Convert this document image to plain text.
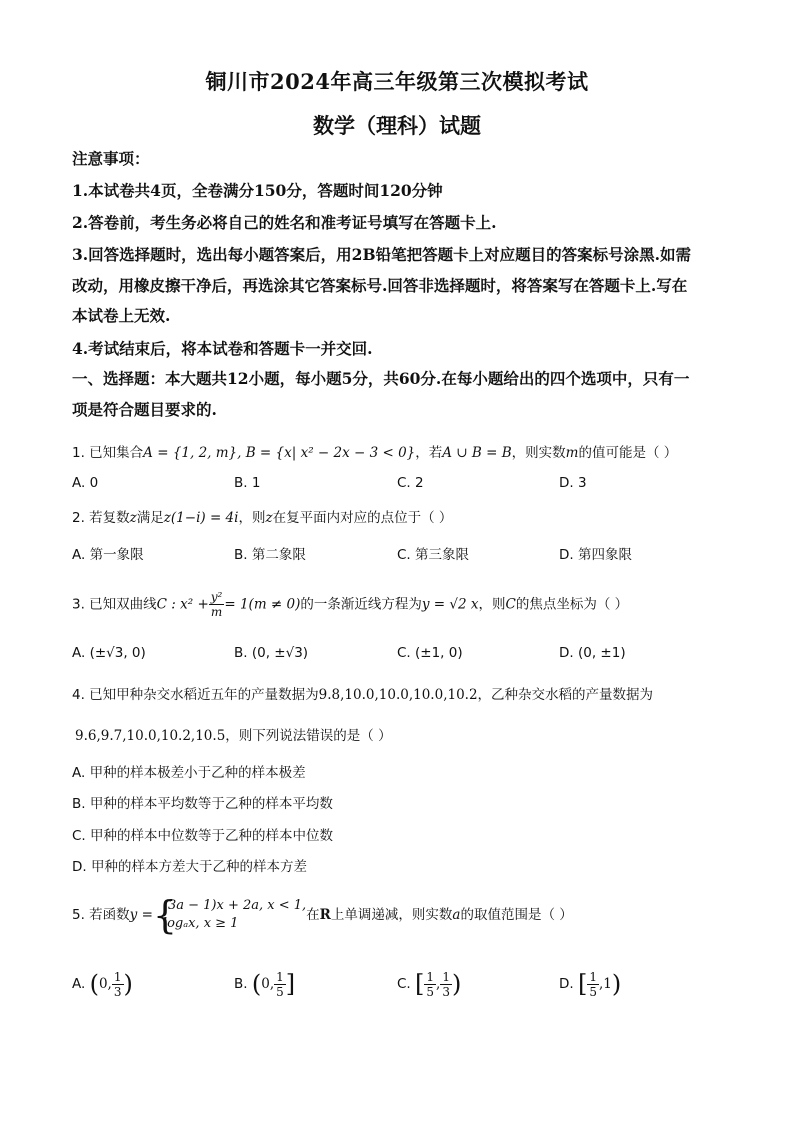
铜川市2024年高三年级第三次模拟考试
数学（理科）试题
注意事项：
1.本试卷共4页，全卷满分150分，答题时间120分钟
2.答卷前，考生务必将自己的姓名和准考证号填写在答题卡上.
3.回答选择题时，选出每小题答案后，用2B铅笔把答题卡上对应题目的答案标号涂黑.如需
改动，用橡皮擦干净后，再选涂其它答案标号.回答非选择题时，将答案写在答题卡上.写在
本试卷上无效.
4.考试结束后，将本试卷和答题卡一并交回.
一、选择题：本大题共12小题，每小题5分，共60分.在每小题给出的四个选项中，只有一
项是符合题目要求的.
1. 已知集合A = {1, 2, m}, B = {x| x² − 2x − 3 < 0}，若A ∪ B = B，则实数m的值可能是（ ）
A. 0	B. 1	C. 2	D. 3
2. 若复数z满足z(1−i) = 4i，则z在复平面内对应的点位于（ ）
A. 第一象限	B. 第二象限	C. 第三象限	D. 第四象限
3. 已知双曲线C : $x^2 + \frac{\text{y²}}{m} = 1(m \ne 0)$的一条渐近线方程为y = √2 x，则C的焦点坐标为（ ）
A. (±√3, 0)	B. (0, ±√3)	C. (±1, 0)	D. (0, ±1)
4. 已知甲种杂交水稻近五年的产量数据为9.8,10.0,10.0,10.0,10.2，乙种杂交水稻的产量数据为
9.6,9.7,10.0,10.2,10.5，则下列说法错误的是（ ）
A. 甲种的样本极差小于乙种的样本极差
B. 甲种的样本平均数等于乙种的样本平均数
C. 甲种的样本中位数等于乙种的样本中位数
D. 甲种的样本方差大于乙种的样本方差
5. 若函数y = {
(3a − 1)x + 2a, x < 1,
logₐx, x ≥ 1
在R上单调递减，则实数a的取值范围是（ ）
A. (0, $\frac{1}{3}$ )	B. (0, $\frac{1}{5}$ ]	C. [ $\frac{1}{5}$ , $\frac{1}{3}$ )	D. [ $\frac{1}{5} ,1$)
